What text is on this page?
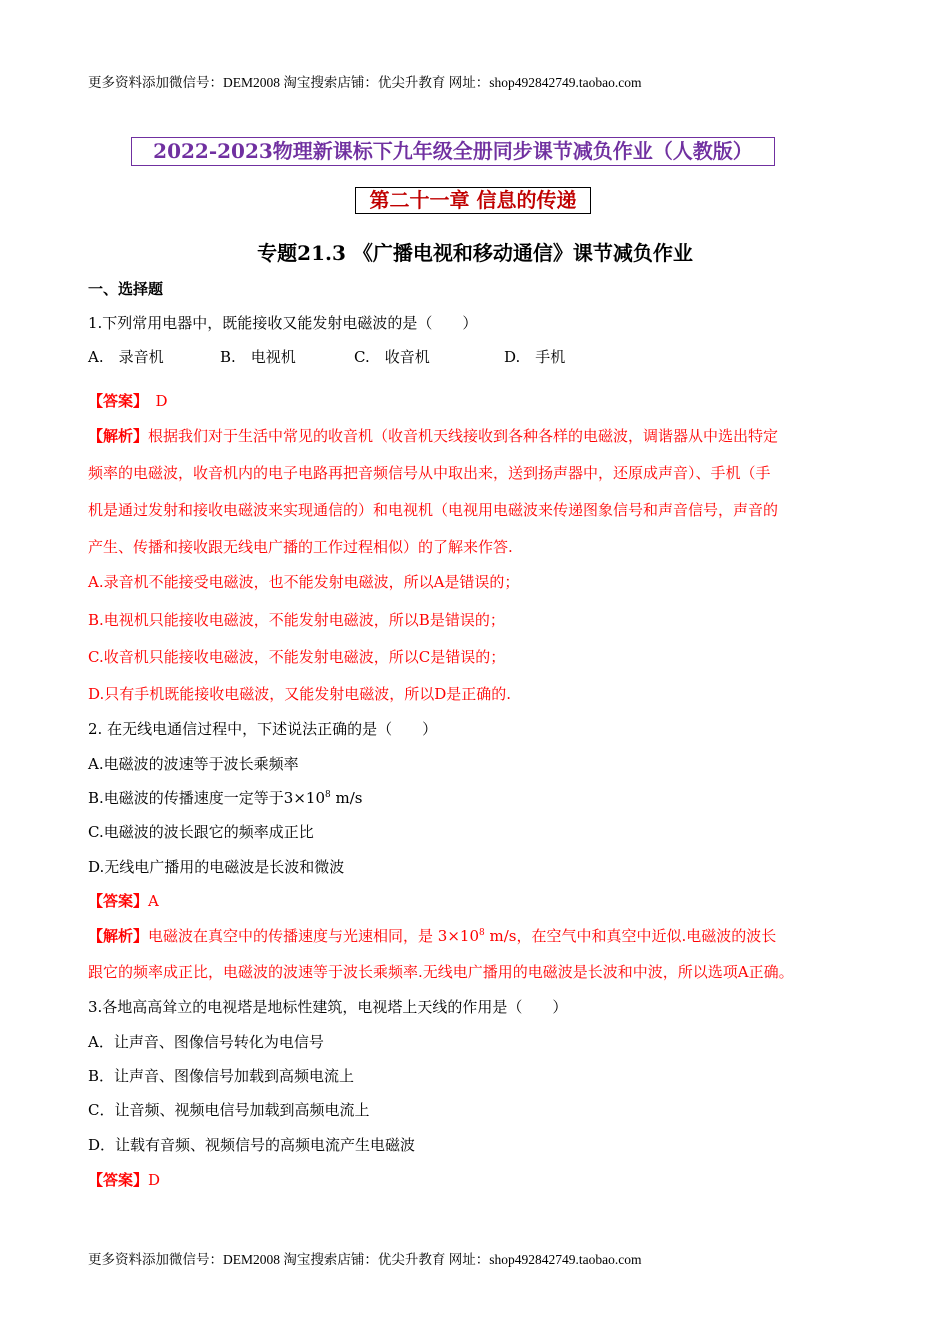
更多资料添加微信号：DEM2008 淘宝搜索店铺：优尖升教育 网址：shop492842749.taobao.com
2022-2023物理新课标下九年级全册同步课节减负作业（人教版）
第二十一章 信息的传递
专题21.3 《广播电视和移动通信》课节减负作业
一、选择题
1.下列常用电器中，既能接收又能发射电磁波的是（　　）
A.　录音机	B.　电视机	C.　收音机	D.　手机
【答案】　D
【解析】根据我们对于生活中常见的收音机（收音机天线接收到各种各样的电磁波，调谐器从中选出特定
频率的电磁波，收音机内的电子电路再把音频信号从中取出来，送到扬声器中，还原成声音）、手机（手
机是通过发射和接收电磁波来实现通信的）和电视机（电视用电磁波来传递图象信号和声音信号，声音的
产生、传播和接收跟无线电广播的工作过程相似）的了解来作答.
A.录音机不能接受电磁波，也不能发射电磁波，所以A是错误的；
B.电视机只能接收电磁波，不能发射电磁波，所以B是错误的；
C.收音机只能接收电磁波，不能发射电磁波，所以C是错误的；
D.只有手机既能接收电磁波，又能发射电磁波，所以D是正确的.
2. 在无线电通信过程中，下述说法正确的是（　　）
A.电磁波的波速等于波长乘频率
B.电磁波的传播速度一定等于$3\times 10^8$ m/s
C.电磁波的波长跟它的频率成正比
D.无线电广播用的电磁波是长波和微波
【答案】A
【解析】电磁波在真空中的传播速度与光速相同，是 $3\times 10^8$ m/s，在空气中和真空中近似.电磁波的波长
跟它的频率成正比，电磁波的波速等于波长乘频率.无线电广播用的电磁波是长波和中波，所以选项A正确。
3.各地高高耸立的电视塔是地标性建筑，电视塔上天线的作用是（　　）
A．让声音、图像信号转化为电信号
B．让声音、图像信号加载到高频电流上
C．让音频、视频电信号加载到高频电流上
D．让载有音频、视频信号的高频电流产生电磁波
【答案】D
更多资料添加微信号：DEM2008 淘宝搜索店铺：优尖升教育 网址：shop492842749.taobao.com
